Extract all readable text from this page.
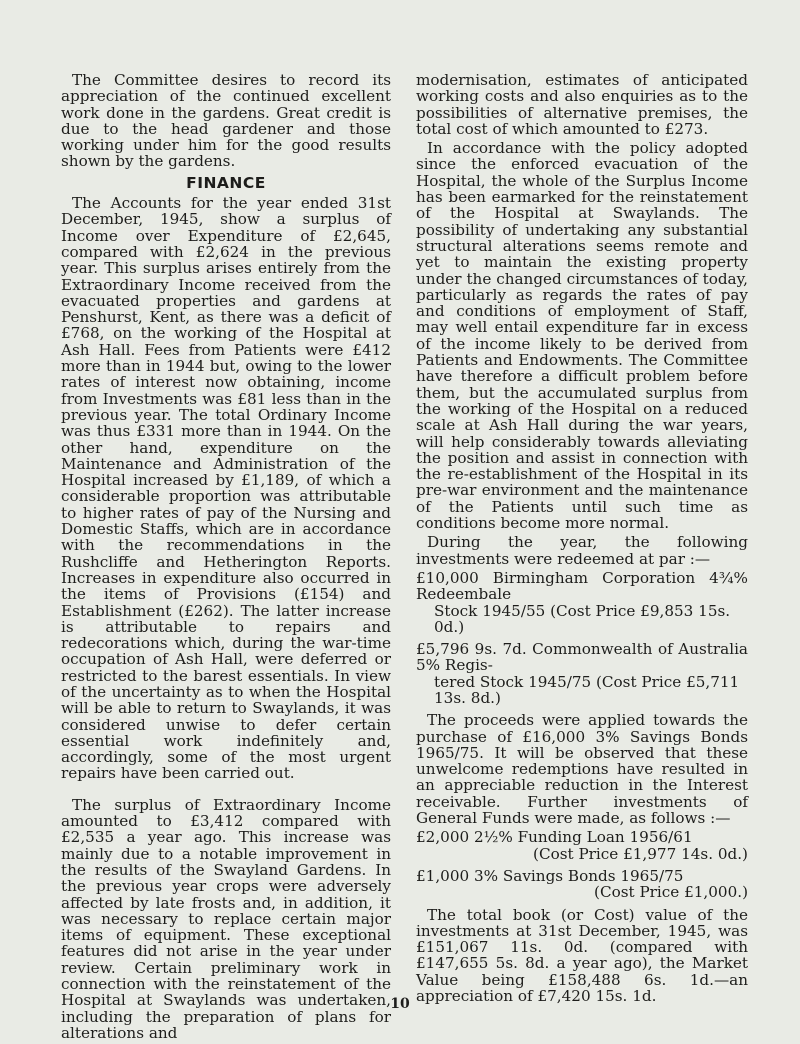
The Committee desires to record its appreciation of the continued excellent work done in the gardens. Great credit is due to the head gardener and those working under him for the good results shown by the gardens.

FINANCE

The Accounts for the year ended 31st December, 1945, show a surplus of Income over Expenditure of £2,645, compared with £2,624 in the previous year. This surplus arises entirely from the Extraordinary Income received from the evacuated properties and gardens at Penshurst, Kent, as there was a deficit of £768, on the working of the Hospital at Ash Hall. Fees from Patients were £412 more than in 1944 but, owing to the lower rates of interest now obtaining, income from Investments was £81 less than in the previous year. The total Ordinary Income was thus £331 more than in 1944. On the other hand, expenditure on the Maintenance and Administration of the Hospital increased by £1,189, of which a considerable proportion was attributable to higher rates of pay of the Nursing and Domestic Staffs, which are in accordance with the recommendations in the Rushcliffe and Hetherington Reports. Increases in expenditure also occurred in the items of Provisions (£154) and Establishment (£262). The latter increase is attributable to repairs and redecorations which, during the war-time occupation of Ash Hall, were deferred or restricted to the barest essentials. In view of the uncertainty as to when the Hospital will be able to return to Swaylands, it was considered unwise to defer certain essential work indefinitely and, accordingly, some of the most urgent repairs have been carried out.

The surplus of Extraordinary Income amounted to £3,412 compared with £2,535 a year ago. This increase was mainly due to a notable improvement in the results of the Swayland Gardens. In the previous year crops were adversely affected by late frosts and, in addition, it was necessary to replace certain major items of equipment. These exceptional features did not arise in the year under review. Certain preliminary work in connection with the reinstatement of the Hospital at Swaylands was undertaken, including the preparation of plans for alterations and

modernisation, estimates of anticipated working costs and also enquiries as to the possibilities of alternative premises, the total cost of which amounted to £273.

In accordance with the policy adopted since the enforced evacuation of the Hospital, the whole of the Surplus Income has been earmarked for the reinstatement of the Hospital at Swaylands. The possibility of undertaking any substantial structural alterations seems remote and yet to maintain the existing property under the changed circumstances of today, particularly as regards the rates of pay and conditions of employment of Staff, may well entail expenditure far in excess of the income likely to be derived from Patients and Endowments. The Committee have therefore a difficult problem before them, but the accumulated surplus from the working of the Hospital on a reduced scale at Ash Hall during the war years, will help considerably towards alleviating the position and assist in connection with the re-establishment of the Hospital in its pre-war environment and the maintenance of the Patients until such time as conditions become more normal.

During the year, the following investments were redeemed at par :—

£10,000 Birmingham Corporation 4¾% Redeembale
Stock 1945/55 (Cost Price £9,853 15s. 0d.)
£5,796 9s. 7d. Commonwealth of Australia 5% Regis-
tered Stock 1945/75 (Cost Price £5,711 13s. 8d.)

The proceeds were applied towards the purchase of £16,000 3% Savings Bonds 1965/75. It will be observed that these unwelcome redemptions have resulted in an appreciable reduction in the Interest receivable. Further investments of General Funds were made, as follows :—

£2,000 2½% Funding Loan 1956/61
(Cost Price £1,977 14s. 0d.)
£1,000 3% Savings Bonds 1965/75
(Cost Price £1,000.)

The total book (or Cost) value of the investments at 31st December, 1945, was £151,067 11s. 0d. (compared with £147,655 5s. 8d. a year ago), the Market Value being £158,488 6s. 1d.—an appreciation of £7,420 15s. 1d.

10
